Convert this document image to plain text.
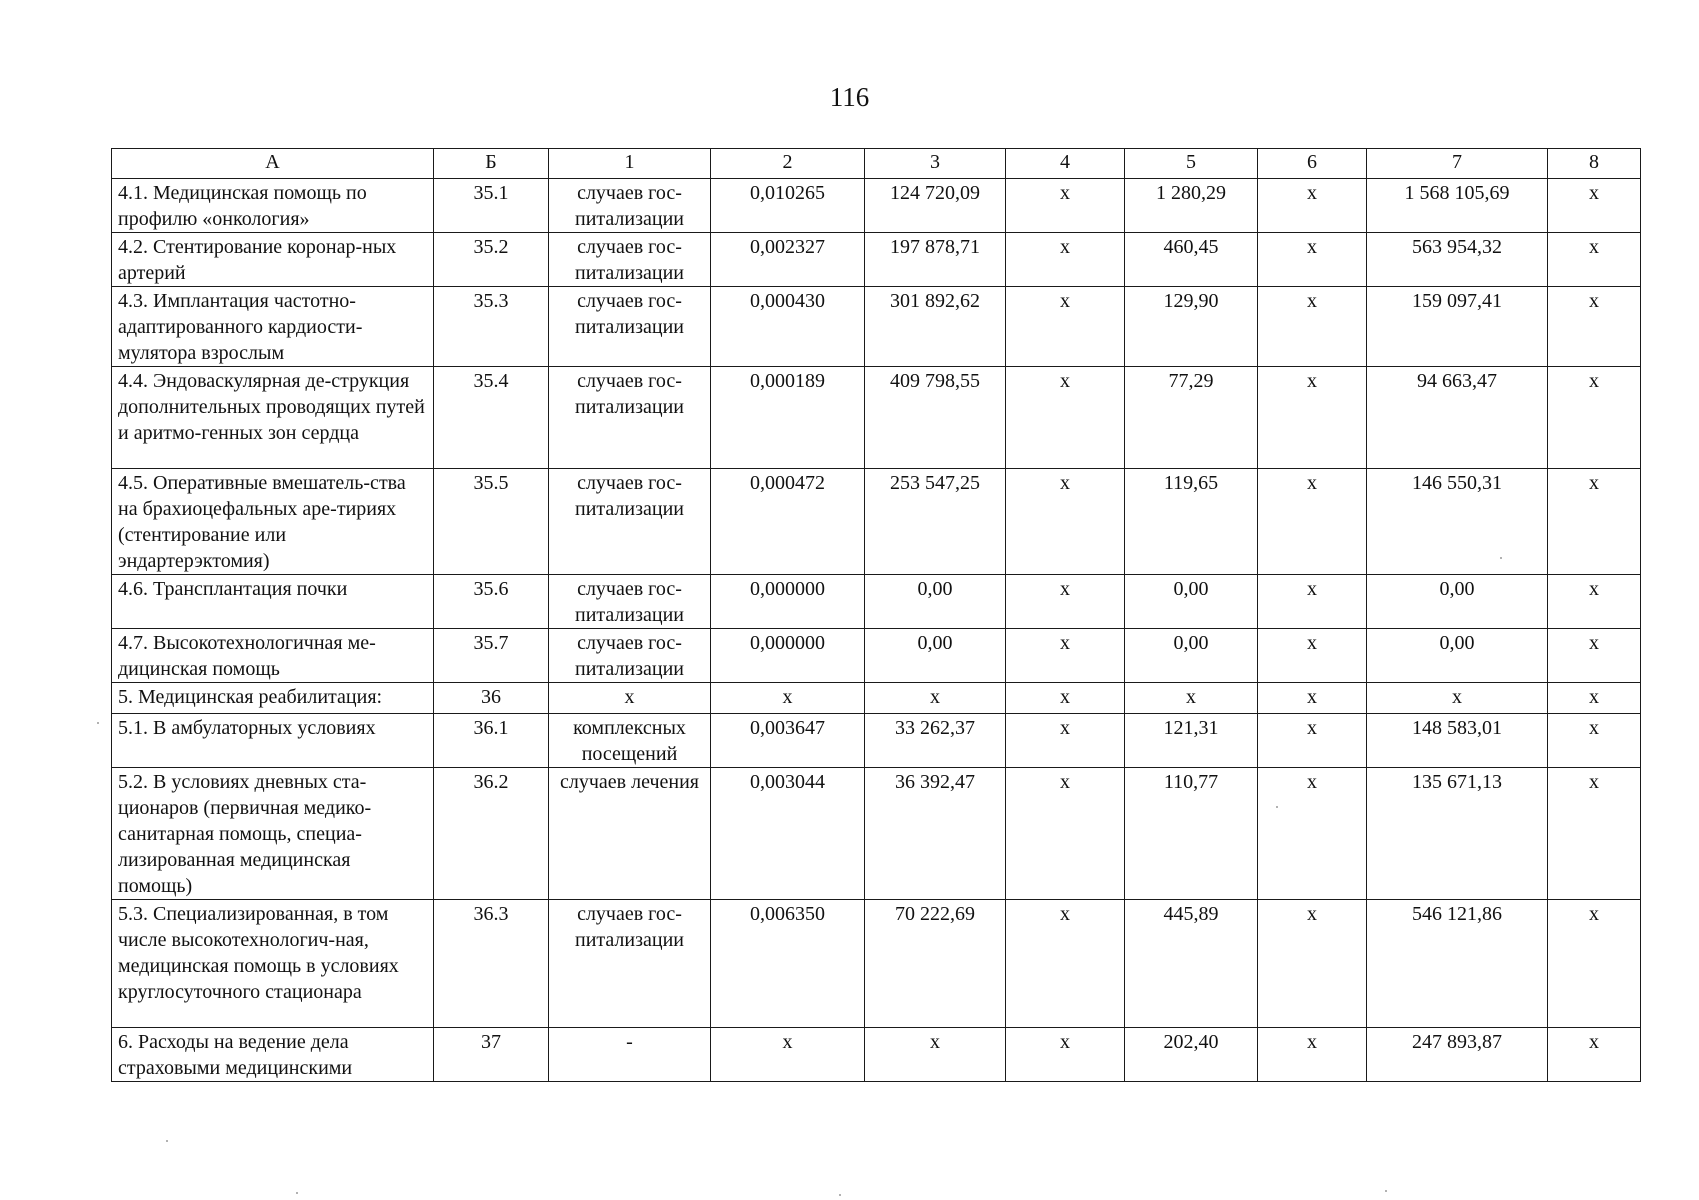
116
А	Б	1	2	3	4	5	6	7	8
4.1. Медицинская помощь по профилю «онкология»	35.1	случаев гос-питализации	0,010265	124 720,09	x	1 280,29	x	1 568 105,69	x
4.2. Стентирование коронар-ных артерий	35.2	случаев гос-питализации	0,002327	197 878,71	x	460,45	x	563 954,32	x
4.3. Имплантация частотно-адаптированного кардиости-мулятора взрослым	35.3	случаев гос-питализации	0,000430	301 892,62	x	129,90	x	159 097,41	x
4.4. Эндоваскулярная де-струкция дополнительных проводящих путей и аритмо-генных зон сердца	35.4	случаев гос-питализации	0,000189	409 798,55	x	77,29	x	94 663,47	x
4.5. Оперативные вмешатель-ства на брахиоцефальных аре-тириях (стентирование или эндартерэктомия)	35.5	случаев гос-питализации	0,000472	253 547,25	x	119,65	x	146 550,31	x
4.6. Трансплантация почки	35.6	случаев гос-питализации	0,000000	0,00	x	0,00	x	0,00	x
4.7. Высокотехнологичная ме-дицинская помощь	35.7	случаев гос-питализации	0,000000	0,00	x	0,00	x	0,00	x
5. Медицинская реабилитация:	36	x	x	x	x	x	x	x	x
5.1. В амбулаторных условиях	36.1	комплексных посещений	0,003647	33 262,37	x	121,31	x	148 583,01	x
5.2. В условиях дневных ста-ционаров (первичная медико-санитарная помощь, специа-лизированная медицинская помощь)	36.2	случаев лечения	0,003044	36 392,47	x	110,77	x	135 671,13	x
5.3. Специализированная, в том числе высокотехнологич-ная, медицинская помощь в условиях круглосуточного стационара	36.3	случаев гос-питализации	0,006350	70 222,69	x	445,89	x	546 121,86	x
6. Расходы на ведение дела страховыми медицинскими	37	-	x	x	x	202,40	x	247 893,87	x
